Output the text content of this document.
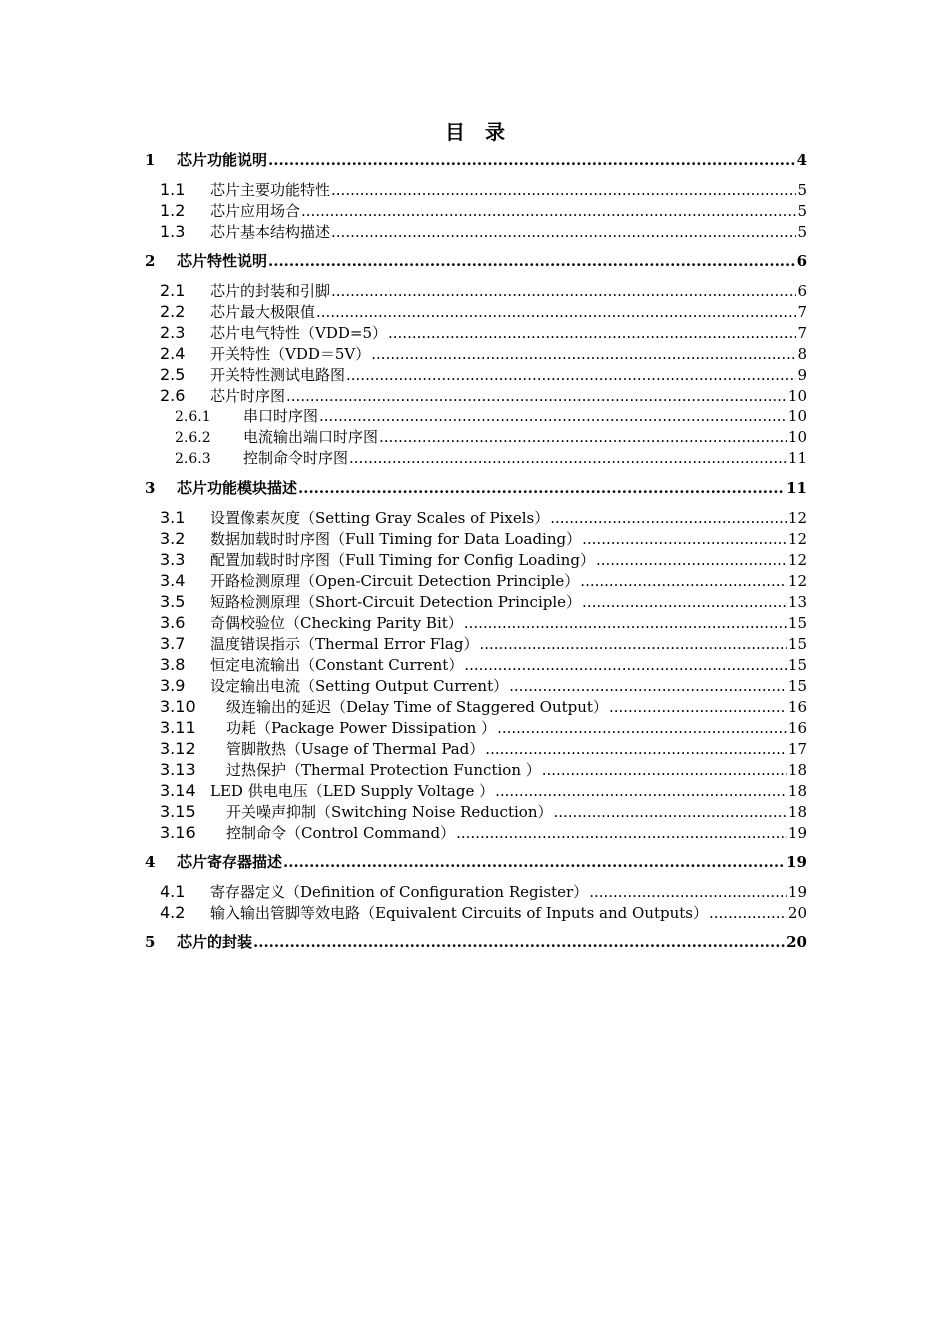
目　录
1	芯片功能说明 .....	4
1.1	芯片主要功能特性 .....	5
1.2	芯片应用场合 .....	5
1.3	芯片基本结构描述 .....	5
2	芯片特性说明 .....	6
2.1	芯片的封装和引脚 .....	6
2.2	芯片最大极限值 .....	7
2.3	芯片电气特性（VDD=5） .....	7
2.4	开关特性（VDD＝5V） .....	8
2.5	开关特性测试电路图 .....	9
2.6	芯片时序图 .....	10
2.6.1	串口时序图 .....	10
2.6.2	电流输出端口时序图 .....	10
2.6.3	控制命令时序图 .....	11
3	芯片功能模块描述 .....	11
3.1	设置像素灰度（Setting Gray Scales of Pixels） .....	12
3.2	数据加载时时序图（Full Timing for Data Loading） .....	12
3.3	配置加载时时序图（Full Timing for Config Loading） .....	12
3.4	开路检测原理（Open-Circuit Detection Principle） .....	12
3.5	短路检测原理（Short-Circuit Detection Principle） .....	13
3.6	奇偶校验位（Checking Parity Bit） .....	15
3.7	温度错误指示（Thermal Error Flag） .....	15
3.8	恒定电流输出（Constant Current） .....	15
3.9	设定输出电流（Setting Output Current） .....	15
3.10	级连输出的延迟（Delay Time of Staggered Output） .....	16
3.11	功耗（Package Power Dissipation ） .....	16
3.12	管脚散热（Usage of Thermal Pad） .....	17
3.13	过热保护（Thermal Protection Function ） .....	18
3.14 LED 供电电压（LED Supply Voltage ） .....	18
3.15	开关噪声抑制（Switching Noise Reduction） .....	18
3.16	控制命令（Control Command） .....	19
4	芯片寄存器描述 .....	19
4.1	寄存器定义（Definition of Configuration Register） .....	19
4.2	输入输出管脚等效电路（Equivalent Circuits of Inputs and Outputs） .....	20
5	芯片的封装 .....	20
